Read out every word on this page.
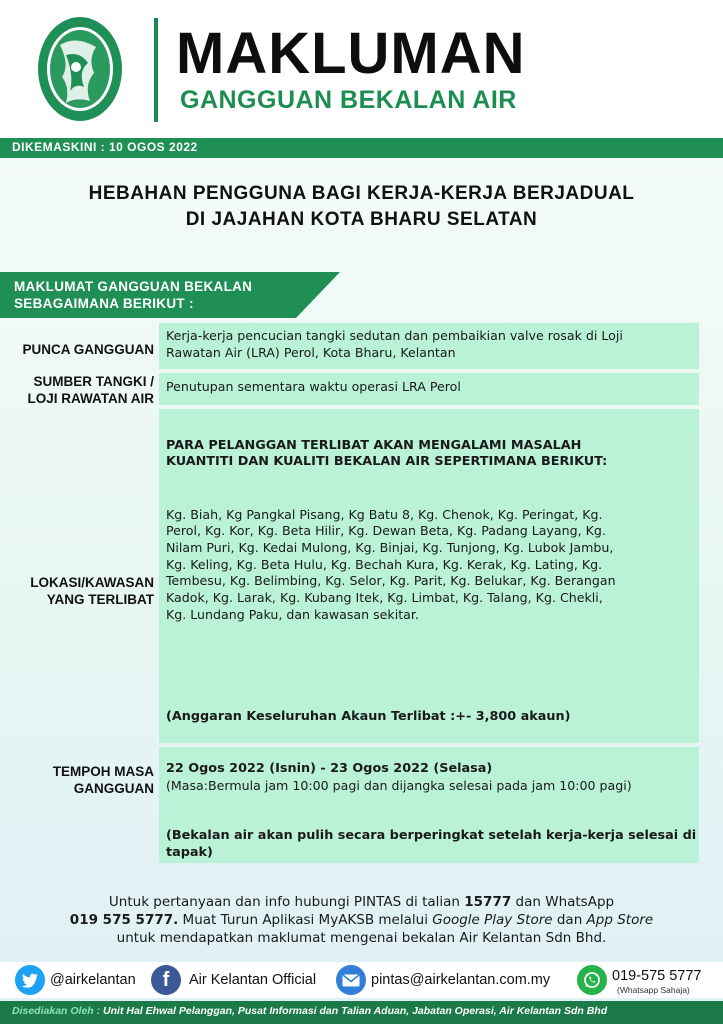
MAKLUMAN
GANGGUAN BEKALAN AIR
DIKEMASKINI : 10 OGOS 2022
HEBAHAN PENGGUNA BAGI KERJA-KERJA BERJADUAL
DI JAJAHAN KOTA BHARU SELATAN
MAKLUMAT GANGGUAN BEKALAN
SEBAGAIMANA BERIKUT :
PUNCA GANGGUAN
Kerja-kerja pencucian tangki sedutan dan pembaikian valve rosak di Loji
Rawatan Air (LRA) Perol, Kota Bharu, Kelantan
SUMBER TANGKI /
LOJI RAWATAN AIR
Penutupan sementara waktu operasi LRA Perol
LOKASI/KAWASAN
YANG TERLIBAT
PARA PELANGGAN TERLIBAT AKAN MENGALAMI MASALAH
KUANTITI DAN KUALITI BEKALAN AIR SEPERTIMANA BERIKUT:
Kg. Biah, Kg Pangkal Pisang, Kg Batu 8, Kg. Chenok, Kg. Peringat, Kg.
Perol, Kg. Kor, Kg. Beta Hilir, Kg. Dewan Beta, Kg. Padang Layang, Kg.
Nilam Puri, Kg. Kedai Mulong, Kg. Binjai, Kg. Tunjong, Kg. Lubok Jambu,
Kg. Keling, Kg. Beta Hulu, Kg. Bechah Kura, Kg. Kerak, Kg. Lating, Kg.
Tembesu, Kg. Belimbing, Kg. Selor, Kg. Parit, Kg. Belukar, Kg. Berangan
Kadok, Kg. Larak, Kg. Kubang Itek, Kg. Limbat, Kg. Talang, Kg. Chekli,
Kg. Lundang Paku, dan kawasan sekitar.
(Anggaran Keseluruhan Akaun Terlibat :+- 3,800 akaun)
TEMPOH MASA
GANGGUAN
22 Ogos 2022 (Isnin) - 23 Ogos 2022 (Selasa)
(Masa:Bermula jam 10:00 pagi dan dijangka selesai pada jam 10:00 pagi)
(Bekalan air akan pulih secara berperingkat setelah kerja-kerja selesai di
tapak)
Untuk pertanyaan dan info hubungi PINTAS di talian 15777 dan WhatsApp
019 575 5777. Muat Turun Aplikasi MyAKSB melalui Google Play Store dan App Store
untuk mendapatkan maklumat mengenai bekalan Air Kelantan Sdn Bhd.
@airkelantan	f	Air Kelantan Official	pintas@airkelantan.com.my	019-575 5777
(Whatsapp Sahaja)
Disediakan Oleh : Unit Hal Ehwal Pelanggan, Pusat Informasi dan Talian Aduan, Jabatan Operasi, Air Kelantan Sdn Bhd
